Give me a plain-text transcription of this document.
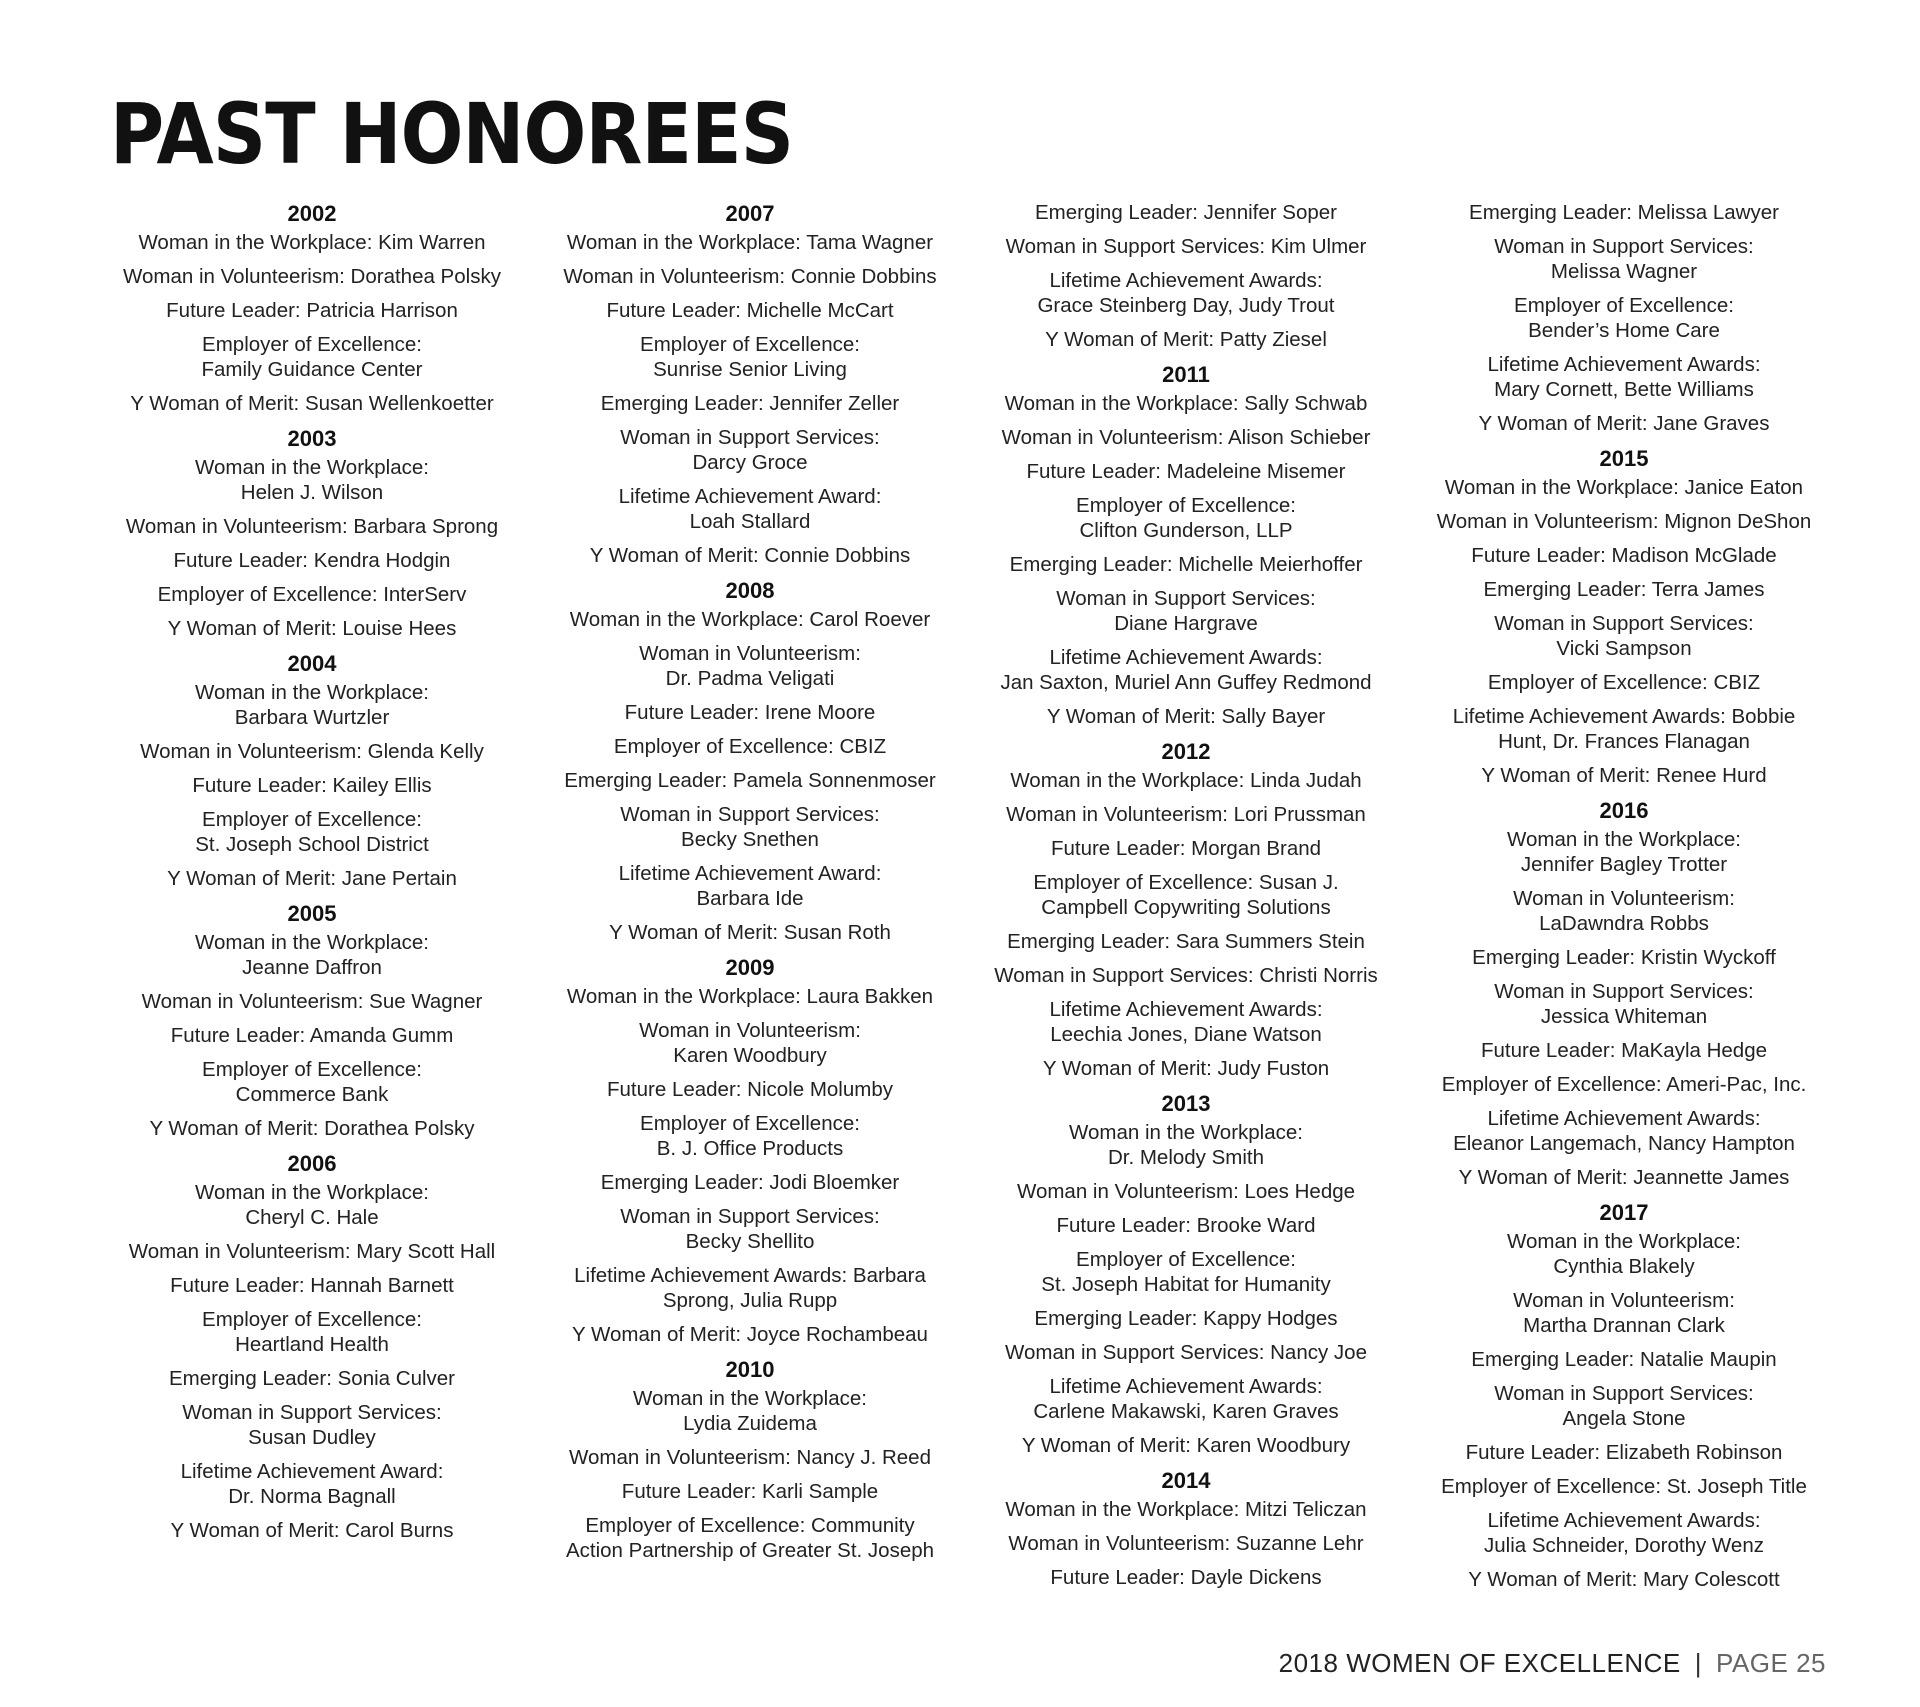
PAST HONOREES
2002
Woman in the Workplace: Kim Warren
Woman in Volunteerism: Dorathea Polsky
Future Leader: Patricia Harrison
Employer of Excellence:
Family Guidance Center
Y Woman of Merit: Susan Wellenkoetter
2003
Woman in the Workplace:
Helen J. Wilson
Woman in Volunteerism: Barbara Sprong
Future Leader: Kendra Hodgin
Employer of Excellence: InterServ
Y Woman of Merit: Louise Hees
2004
Woman in the Workplace:
Barbara Wurtzler
Woman in Volunteerism: Glenda Kelly
Future Leader: Kailey Ellis
Employer of Excellence:
St. Joseph School District
Y Woman of Merit: Jane Pertain
2005
Woman in the Workplace:
Jeanne Daffron
Woman in Volunteerism: Sue Wagner
Future Leader: Amanda Gumm
Employer of Excellence:
Commerce Bank
Y Woman of Merit: Dorathea Polsky
2006
Woman in the Workplace:
Cheryl C. Hale
Woman in Volunteerism: Mary Scott Hall
Future Leader: Hannah Barnett
Employer of Excellence:
Heartland Health
Emerging Leader: Sonia Culver
Woman in Support Services:
Susan Dudley
Lifetime Achievement Award:
Dr. Norma Bagnall
Y Woman of Merit: Carol Burns
2007
Woman in the Workplace: Tama Wagner
Woman in Volunteerism: Connie Dobbins
Future Leader: Michelle McCart
Employer of Excellence:
Sunrise Senior Living
Emerging Leader: Jennifer Zeller
Woman in Support Services:
Darcy Groce
Lifetime Achievement Award:
Loah Stallard
Y Woman of Merit: Connie Dobbins
2008
Woman in the Workplace: Carol Roever
Woman in Volunteerism:
Dr. Padma Veligati
Future Leader: Irene Moore
Employer of Excellence: CBIZ
Emerging Leader: Pamela Sonnenmoser
Woman in Support Services:
Becky Snethen
Lifetime Achievement Award:
Barbara Ide
Y Woman of Merit: Susan Roth
2009
Woman in the Workplace: Laura Bakken
Woman in Volunteerism:
Karen Woodbury
Future Leader: Nicole Molumby
Employer of Excellence:
B. J. Office Products
Emerging Leader: Jodi Bloemker
Woman in Support Services:
Becky Shellito
Lifetime Achievement Awards: Barbara
Sprong, Julia Rupp
Y Woman of Merit: Joyce Rochambeau
2010
Woman in the Workplace:
Lydia Zuidema
Woman in Volunteerism: Nancy J. Reed
Future Leader: Karli Sample
Employer of Excellence: Community
Action Partnership of Greater St. Joseph
Emerging Leader: Jennifer Soper
Woman in Support Services: Kim Ulmer
Lifetime Achievement Awards:
Grace Steinberg Day, Judy Trout
Y Woman of Merit: Patty Ziesel
2011
Woman in the Workplace: Sally Schwab
Woman in Volunteerism: Alison Schieber
Future Leader: Madeleine Misemer
Employer of Excellence:
Clifton Gunderson, LLP
Emerging Leader: Michelle Meierhoffer
Woman in Support Services:
Diane Hargrave
Lifetime Achievement Awards:
Jan Saxton, Muriel Ann Guffey Redmond
Y Woman of Merit: Sally Bayer
2012
Woman in the Workplace: Linda Judah
Woman in Volunteerism: Lori Prussman
Future Leader: Morgan Brand
Employer of Excellence: Susan J.
Campbell Copywriting Solutions
Emerging Leader: Sara Summers Stein
Woman in Support Services: Christi Norris
Lifetime Achievement Awards:
Leechia Jones, Diane Watson
Y Woman of Merit: Judy Fuston
2013
Woman in the Workplace:
Dr. Melody Smith
Woman in Volunteerism: Loes Hedge
Future Leader: Brooke Ward
Employer of Excellence:
St. Joseph Habitat for Humanity
Emerging Leader: Kappy Hodges
Woman in Support Services: Nancy Joe
Lifetime Achievement Awards:
Carlene Makawski, Karen Graves
Y Woman of Merit: Karen Woodbury
2014
Woman in the Workplace: Mitzi Teliczan
Woman in Volunteerism: Suzanne Lehr
Future Leader: Dayle Dickens
Emerging Leader: Melissa Lawyer
Woman in Support Services:
Melissa Wagner
Employer of Excellence:
Bender’s Home Care
Lifetime Achievement Awards:
Mary Cornett, Bette Williams
Y Woman of Merit: Jane Graves
2015
Woman in the Workplace: Janice Eaton
Woman in Volunteerism: Mignon DeShon
Future Leader: Madison McGlade
Emerging Leader: Terra James
Woman in Support Services:
Vicki Sampson
Employer of Excellence: CBIZ
Lifetime Achievement Awards: Bobbie
Hunt, Dr. Frances Flanagan
Y Woman of Merit: Renee Hurd
2016
Woman in the Workplace:
Jennifer Bagley Trotter
Woman in Volunteerism:
LaDawndra Robbs
Emerging Leader: Kristin Wyckoff
Woman in Support Services:
Jessica Whiteman
Future Leader: MaKayla Hedge
Employer of Excellence: Ameri-Pac, Inc.
Lifetime Achievement Awards:
Eleanor Langemach, Nancy Hampton
Y Woman of Merit: Jeannette James
2017
Woman in the Workplace:
Cynthia Blakely
Woman in Volunteerism:
Martha Drannan Clark
Emerging Leader: Natalie Maupin
Woman in Support Services:
Angela Stone
Future Leader: Elizabeth Robinson
Employer of Excellence: St. Joseph Title
Lifetime Achievement Awards:
Julia Schneider, Dorothy Wenz
Y Woman of Merit: Mary Colescott
2018 WOMEN OF EXCELLENCE | PAGE 25
